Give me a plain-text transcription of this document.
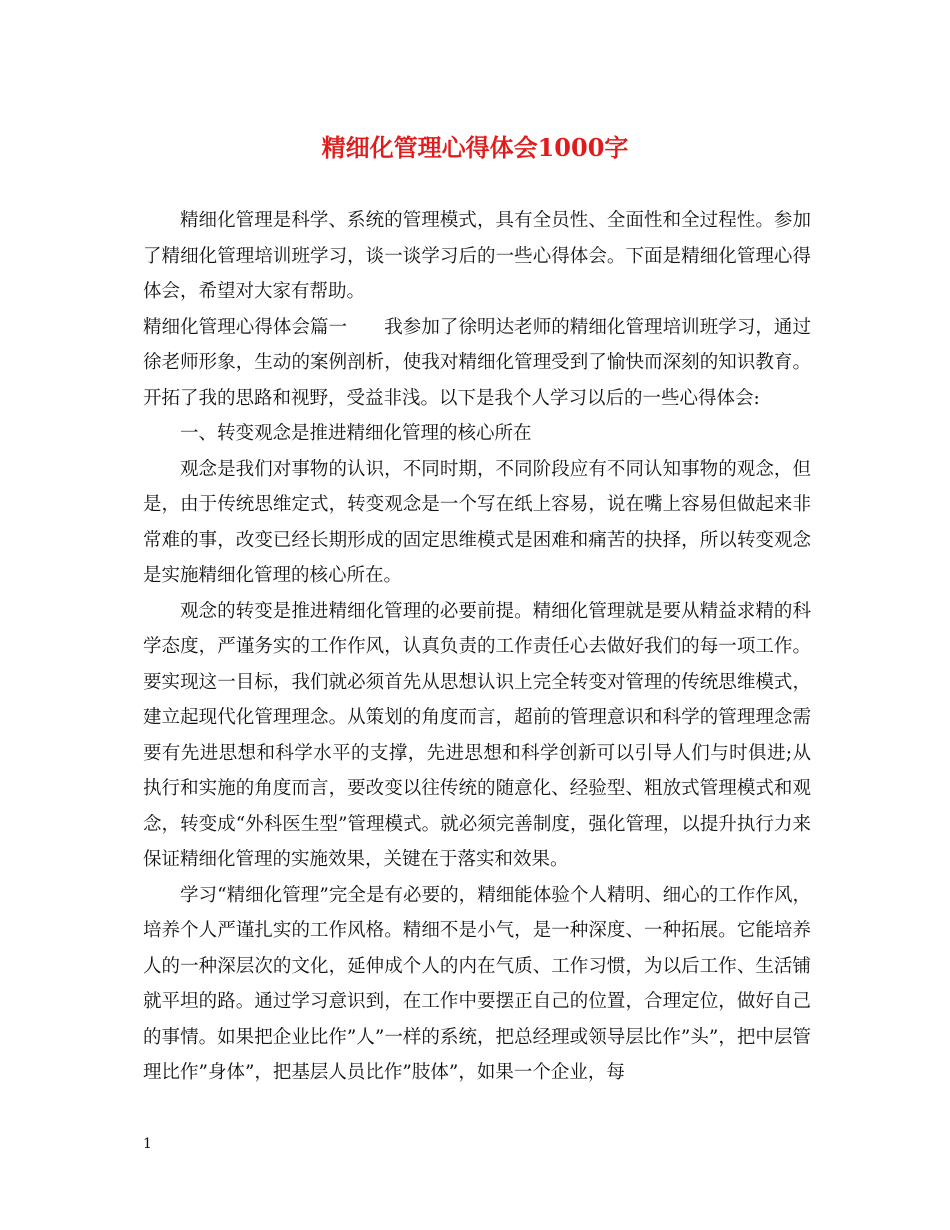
精细化管理心得体会1000字

精细化管理是科学、系统的管理模式，具有全员性、全面性和全过程性。参加了精细化管理培训班学习，谈一谈学习后的一些心得体会。下面是精细化管理心得体会，希望对大家有帮助。

精细化管理心得体会篇一　　我参加了徐明达老师的精细化管理培训班学习，通过徐老师形象，生动的案例剖析，使我对精细化管理受到了愉快而深刻的知识教育。开拓了我的思路和视野，受益非浅。以下是我个人学习以后的一些心得体会:

一、转变观念是推进精细化管理的核心所在

观念是我们对事物的认识，不同时期，不同阶段应有不同认知事物的观念，但是，由于传统思维定式，转变观念是一个写在纸上容易，说在嘴上容易但做起来非常难的事，改变已经长期形成的固定思维模式是困难和痛苦的抉择，所以转变观念是实施精细化管理的核心所在。

观念的转变是推进精细化管理的必要前提。精细化管理就是要从精益求精的科学态度，严谨务实的工作作风，认真负责的工作责任心去做好我们的每一项工作。要实现这一目标，我们就必须首先从思想认识上完全转变对管理的传统思维模式，建立起现代化管理理念。从策划的角度而言，超前的管理意识和科学的管理理念需要有先进思想和科学水平的支撑，先进思想和科学创新可以引导人们与时俱进;从执行和实施的角度而言，要改变以往传统的随意化、经验型、粗放式管理模式和观念，转变成“外科医生型”管理模式。就必须完善制度，强化管理，以提升执行力来保证精细化管理的实施效果，关键在于落实和效果。

学习“精细化管理”完全是有必要的，精细能体验个人精明、细心的工作作风，培养个人严谨扎实的工作风格。精细不是小气，是一种深度、一种拓展。它能培养人的一种深层次的文化，延伸成个人的内在气质、工作习惯，为以后工作、生活铺就平坦的路。通过学习意识到，在工作中要摆正自己的位置，合理定位，做好自己的事情。如果把企业比作”人”一样的系统，把总经理或领导层比作”头”，把中层管理比作”身体”，把基层人员比作”肢体”，如果一个企业，每

1
